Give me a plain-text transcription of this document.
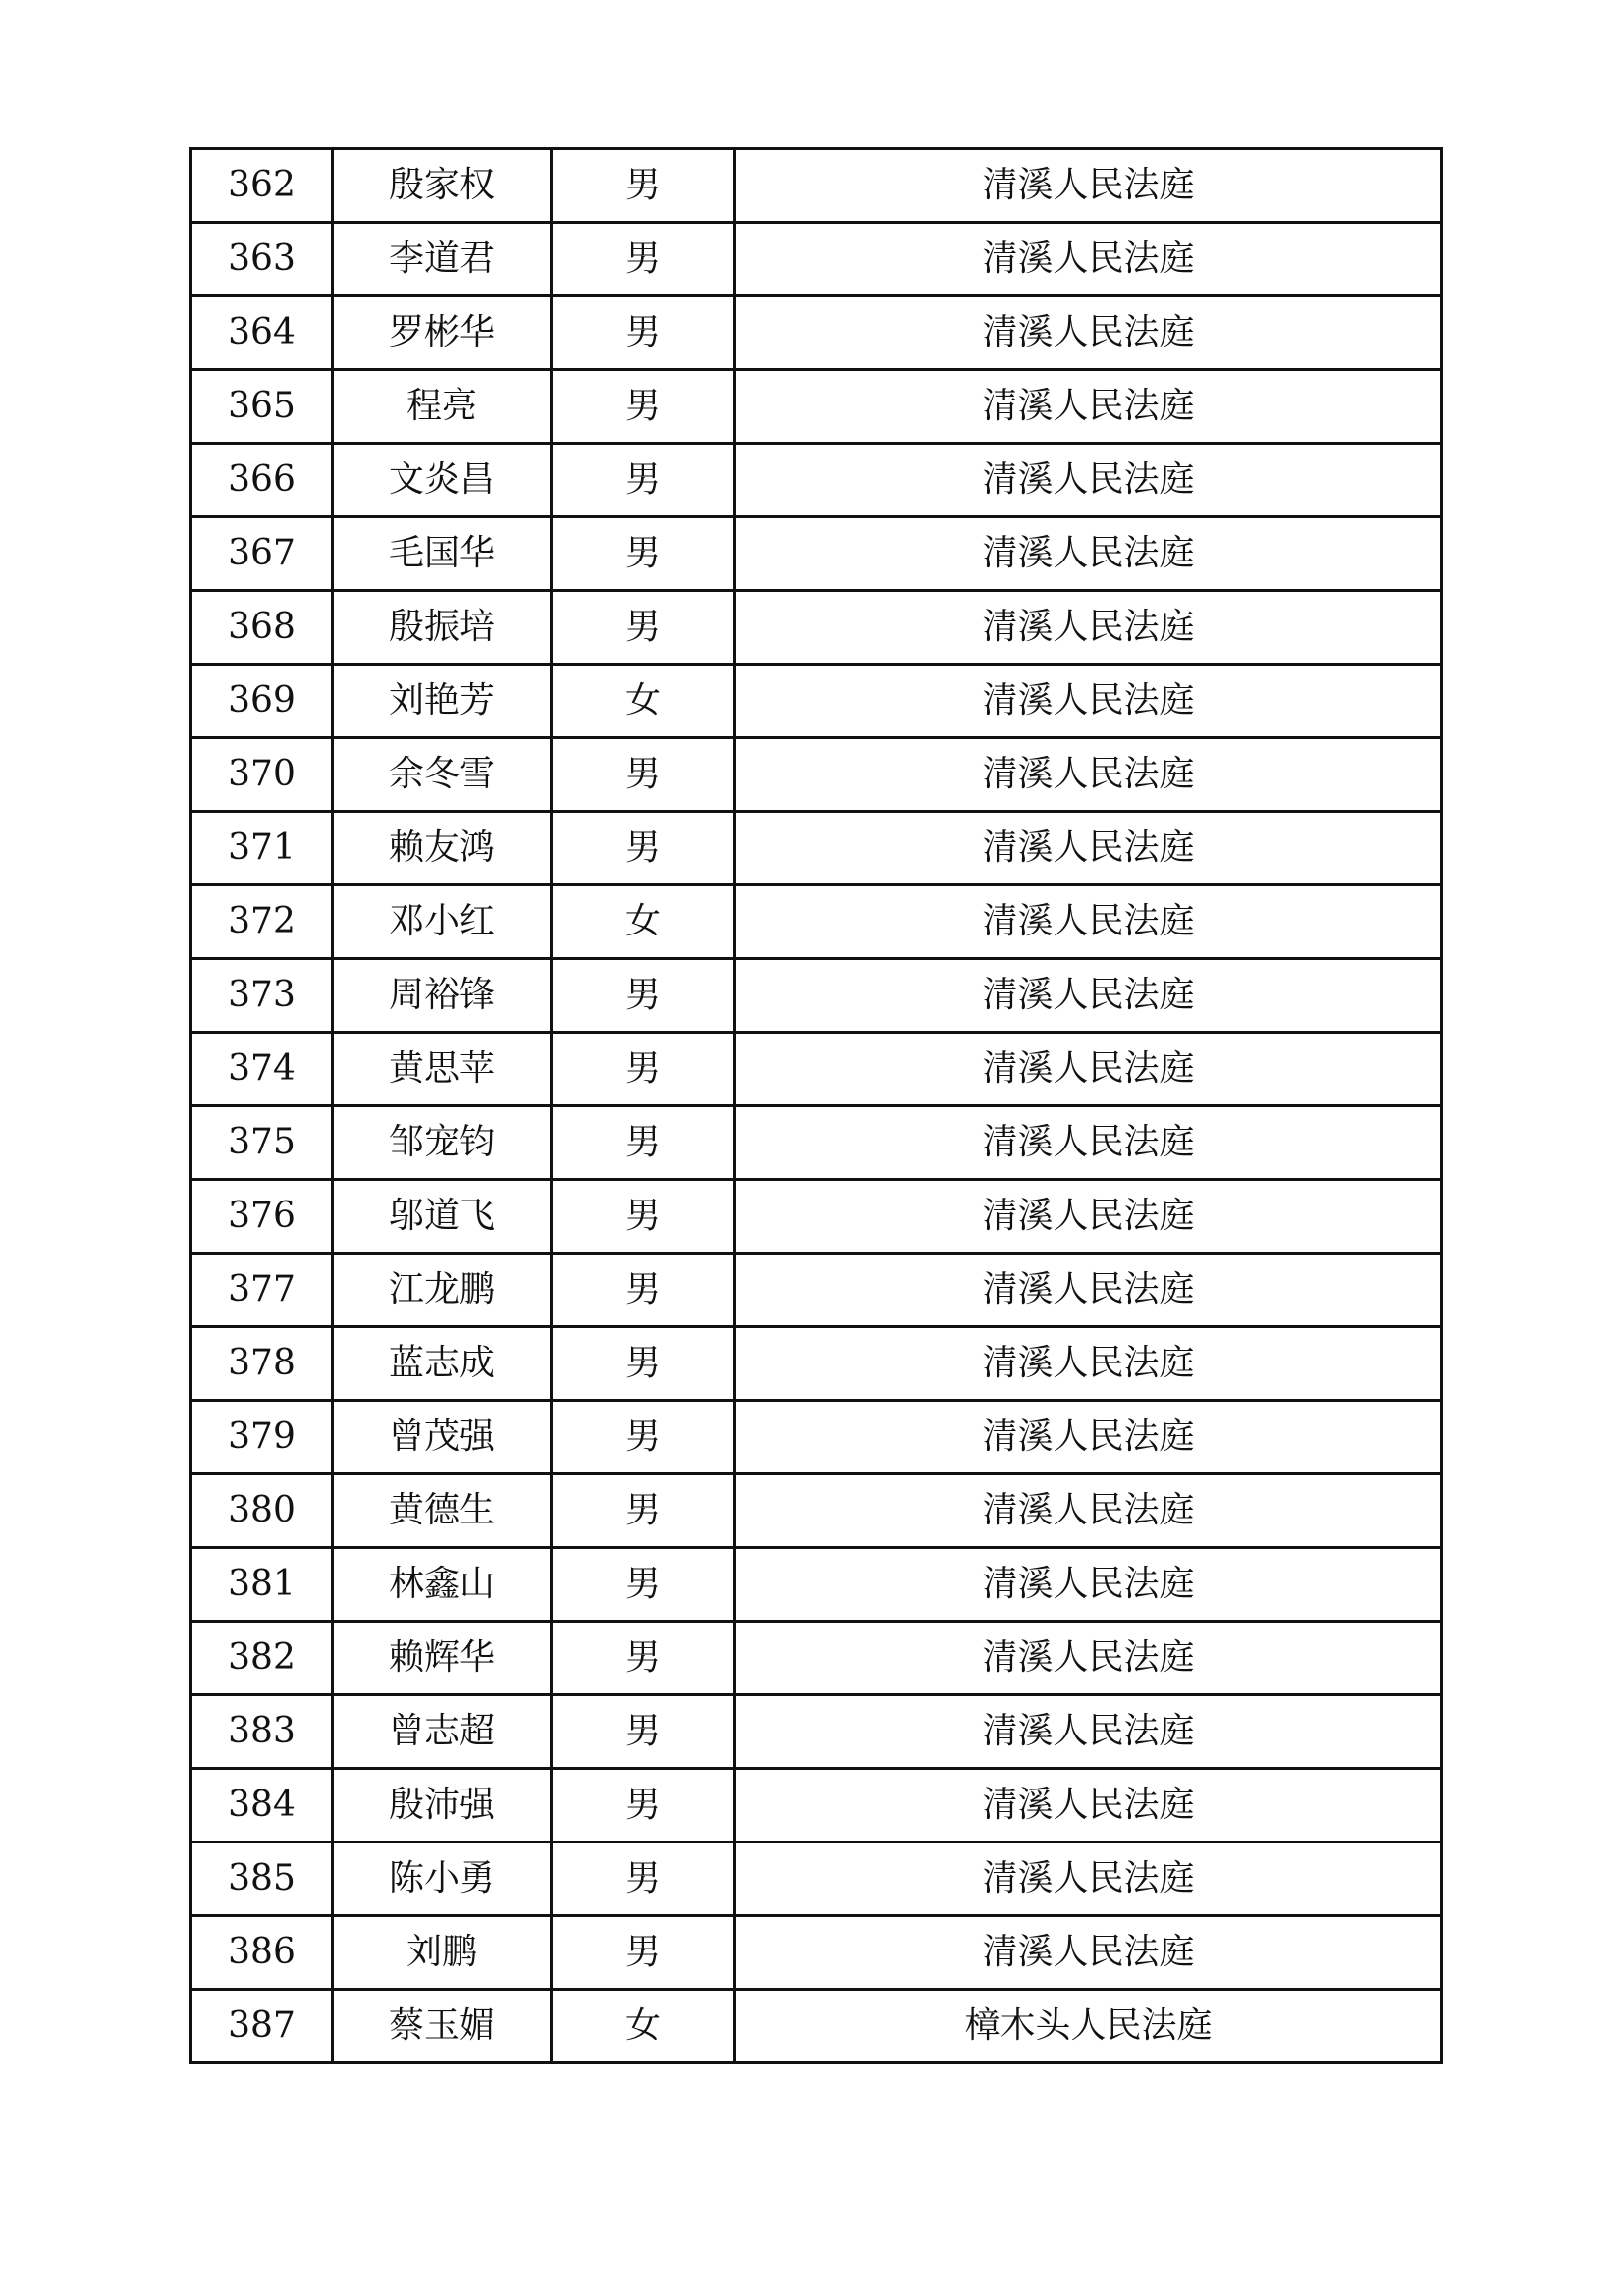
362	殷家权	男	清溪人民法庭
363	李道君	男	清溪人民法庭
364	罗彬华	男	清溪人民法庭
365	程亮	男	清溪人民法庭
366	文炎昌	男	清溪人民法庭
367	毛国华	男	清溪人民法庭
368	殷振培	男	清溪人民法庭
369	刘艳芳	女	清溪人民法庭
370	余冬雪	男	清溪人民法庭
371	赖友鸿	男	清溪人民法庭
372	邓小红	女	清溪人民法庭
373	周裕锋	男	清溪人民法庭
374	黄思苹	男	清溪人民法庭
375	邹宠钧	男	清溪人民法庭
376	邬道飞	男	清溪人民法庭
377	江龙鹏	男	清溪人民法庭
378	蓝志成	男	清溪人民法庭
379	曾茂强	男	清溪人民法庭
380	黄德生	男	清溪人民法庭
381	林鑫山	男	清溪人民法庭
382	赖辉华	男	清溪人民法庭
383	曾志超	男	清溪人民法庭
384	殷沛强	男	清溪人民法庭
385	陈小勇	男	清溪人民法庭
386	刘鹏	男	清溪人民法庭
387	蔡玉媚	女	樟木头人民法庭
